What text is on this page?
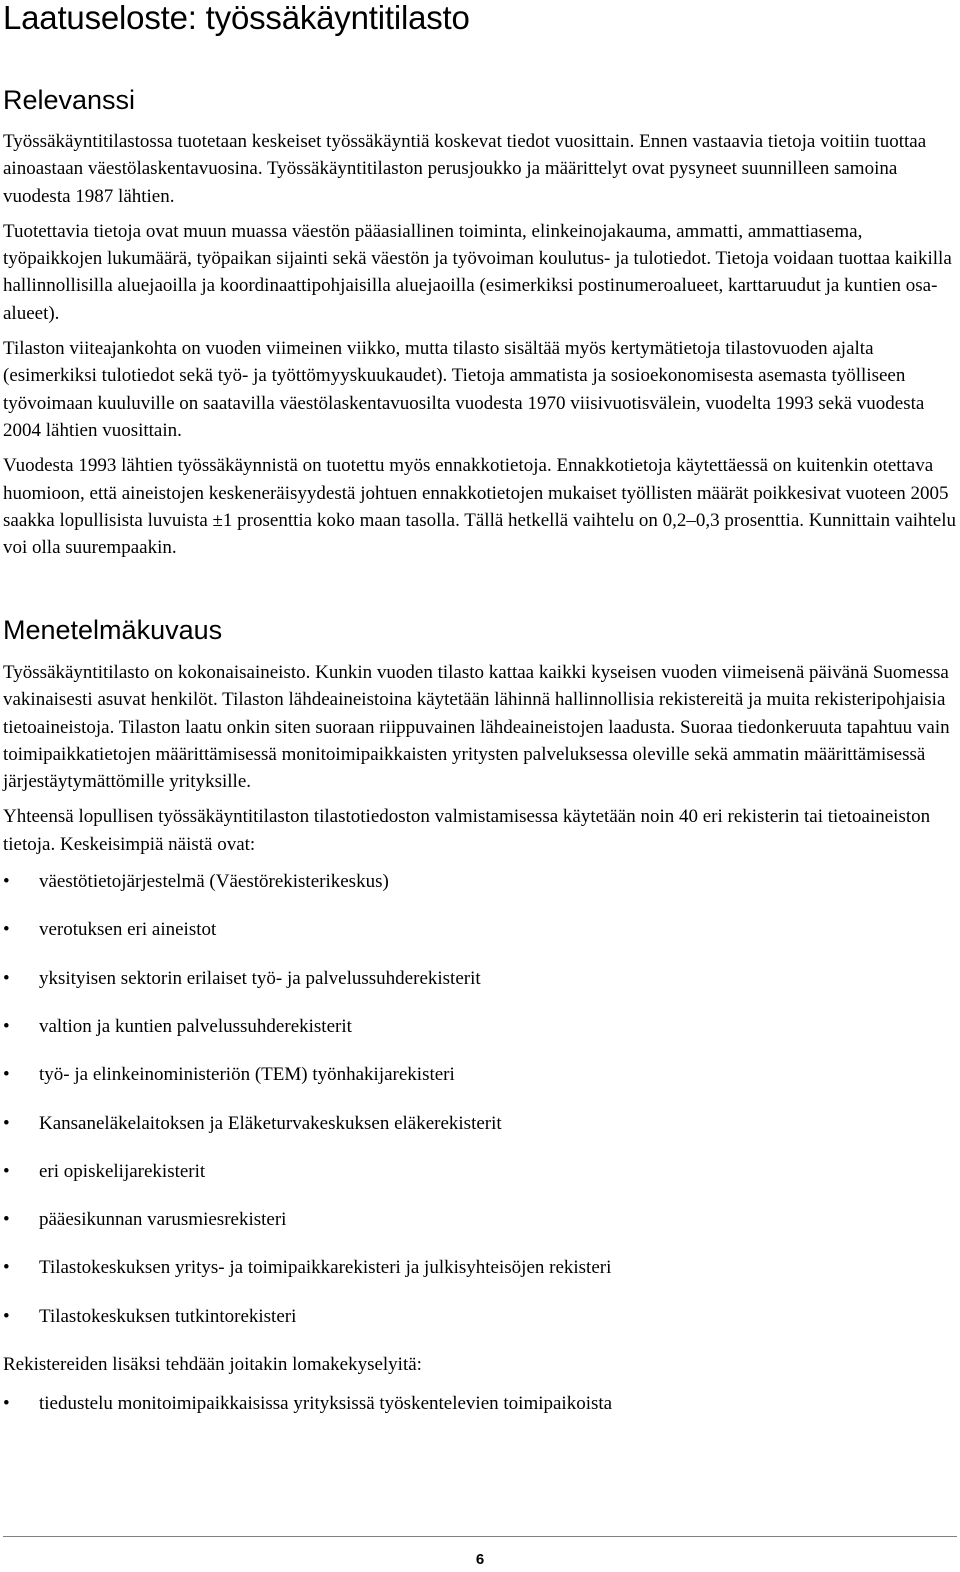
Laatuseloste: työssäkäyntitilasto
Relevanssi

Työssäkäyntitilastossa tuotetaan keskeiset työssäkäyntiä koskevat tiedot vuosittain. Ennen vastaavia tietoja voitiin tuottaa ainoastaan väestölaskentavuosina. Työssäkäyntitilaston perusjoukko ja määrittelyt ovat pysyneet suunnilleen samoina vuodesta 1987 lähtien.

Tuotettavia tietoja ovat muun muassa väestön pääasiallinen toiminta, elinkeinojakauma, ammatti, ammattiasema, työpaikkojen lukumäärä, työpaikan sijainti sekä väestön ja työvoiman koulutus- ja tulotiedot. Tietoja voidaan tuottaa kaikilla hallinnollisilla aluejaoilla ja koordinaattipohjaisilla aluejaoilla (esimerkiksi postinumeroalueet, karttaruudut ja kuntien osa-alueet).

Tilaston viiteajankohta on vuoden viimeinen viikko, mutta tilasto sisältää myös kertymätietoja tilastovuoden ajalta (esimerkiksi tulotiedot sekä työ- ja työttömyyskuukaudet). Tietoja ammatista ja sosioekonomisesta asemasta työlliseen työvoimaan kuuluville on saatavilla väestölaskentavuosilta vuodesta 1970 viisivuotisvälein, vuodelta 1993 sekä vuodesta 2004 lähtien vuosittain.

Vuodesta 1993 lähtien työssäkäynnistä on tuotettu myös ennakkotietoja. Ennakkotietoja käytettäessä on kuitenkin otettava huomioon, että aineistojen keskeneräisyydestä johtuen ennakkotietojen mukaiset työllisten määrät poikkesivat vuoteen 2005 saakka lopullisista luvuista ±1 prosenttia koko maan tasolla. Tällä hetkellä vaihtelu on 0,2–0,3 prosenttia. Kunnittain vaihtelu voi olla suurempaakin.

Menetelmäkuvaus

Työssäkäyntitilasto on kokonaisaineisto. Kunkin vuoden tilasto kattaa kaikki kyseisen vuoden viimeisenä päivänä Suomessa vakinaisesti asuvat henkilöt. Tilaston lähdeaineistoina käytetään lähinnä hallinnollisia rekistereitä ja muita rekisteripohjaisia tietoaineistoja. Tilaston laatu onkin siten suoraan riippuvainen lähdeaineistojen laadusta. Suoraa tiedonkeruuta tapahtuu vain toimipaikkatietojen määrittämisessä monitoimipaikkaisten yritysten palveluksessa oleville sekä ammatin määrittämisessä järjestäytymättömille yrityksille.

Yhteensä lopullisen työssäkäyntitilaston tilastotiedoston valmistamisessa käytetään noin 40 eri rekisterin tai tietoaineiston tietoja. Keskeisimpiä näistä ovat:

• väestötietojärjestelmä (Väestörekisterikeskus)
• verotuksen eri aineistot
• yksityisen sektorin erilaiset työ- ja palvelussuhderekisterit
• valtion ja kuntien palvelussuhderekisterit
• työ- ja elinkeinoministeriön (TEM) työnhakijarekisteri
• Kansaneläkelaitoksen ja Eläketurvakeskuksen eläkerekisterit
• eri opiskelijarekisterit
• pääesikunnan varusmiesrekisteri
• Tilastokeskuksen yritys- ja toimipaikkarekisteri ja julkisyhteisöjen rekisteri
• Tilastokeskuksen tutkintorekisteri

Rekistereiden lisäksi tehdään joitakin lomakekyselyitä:

• tiedustelu monitoimipaikkaisissa yrityksissä työskentelevien toimipaikoista
6
